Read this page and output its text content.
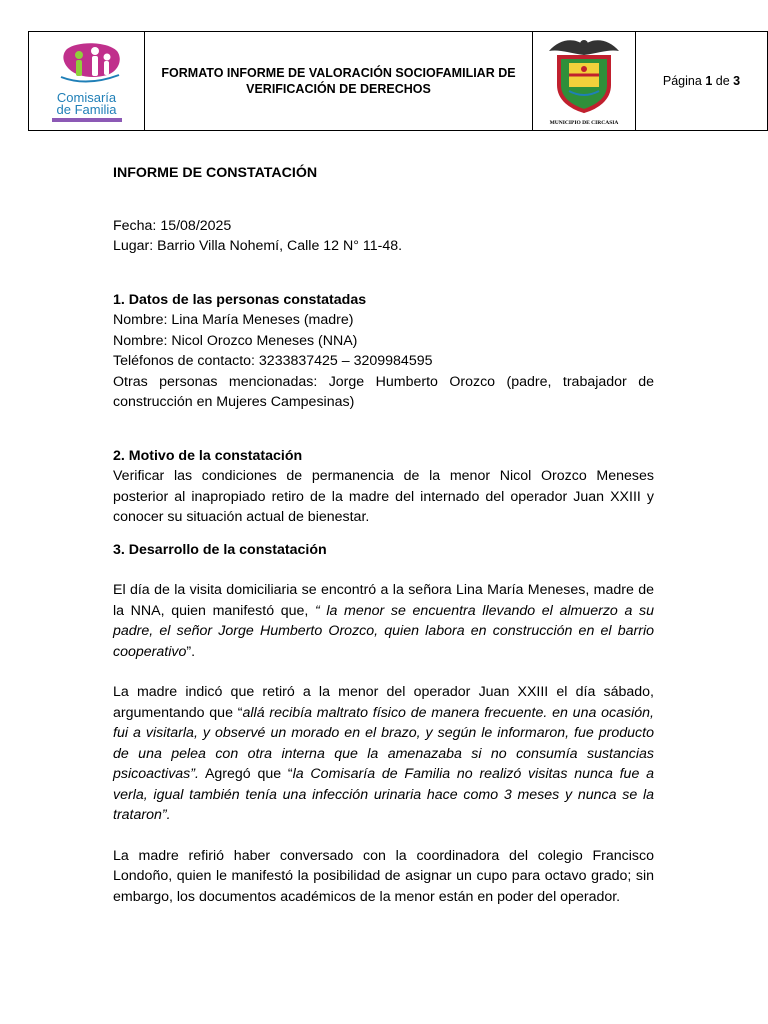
Comisaría
de Familia

FORMATO INFORME DE VALORACIÓN SOCIOFAMILIAR DE
VERIFICACIÓN DE DERECHOS

MUNICIPIO DE CIRCASIA
	Página 1 de 3

INFORME DE CONSTATACIÓN

Fecha: 15/08/2025

Lugar: Barrio Villa Nohemí, Calle 12 N° 11-48.

1. Datos de las personas constatadas

Nombre: Lina María Meneses (madre)

Nombre: Nicol Orozco Meneses (NNA)

Teléfonos de contacto: 3233837425 – 3209984595

Otras personas mencionadas: Jorge Humberto Orozco (padre, trabajador de construcción en Mujeres Campesinas)

2. Motivo de la constatación

Verificar las condiciones de permanencia de la menor Nicol Orozco Meneses posterior al inapropiado retiro de la madre del internado del operador Juan XXIII y conocer su situación actual de bienestar.

3. Desarrollo de la constatación

El día de la visita domiciliaria se encontró a la señora Lina María Meneses, madre de la NNA, quien manifestó que, “ la menor se encuentra llevando el almuerzo a su padre, el señor Jorge Humberto Orozco, quien labora en construcción en el barrio cooperativo”.

La madre indicó que retiró a la menor del operador Juan XXIII el día sábado, argumentando que “allá recibía maltrato físico de manera frecuente. en una ocasión, fui a visitarla, y observé un morado en el brazo, y según le informaron, fue producto de una pelea con otra interna que la amenazaba si no consumía sustancias psicoactivas”. Agregó que “la Comisaría de Familia no realizó visitas nunca fue a verla, igual también tenía una infección urinaria hace como 3 meses y nunca se la trataron”.

La madre refirió haber conversado con la coordinadora del colegio Francisco Londoño, quien le manifestó la posibilidad de asignar un cupo para octavo grado; sin embargo, los documentos académicos de la menor están en poder del operador.
